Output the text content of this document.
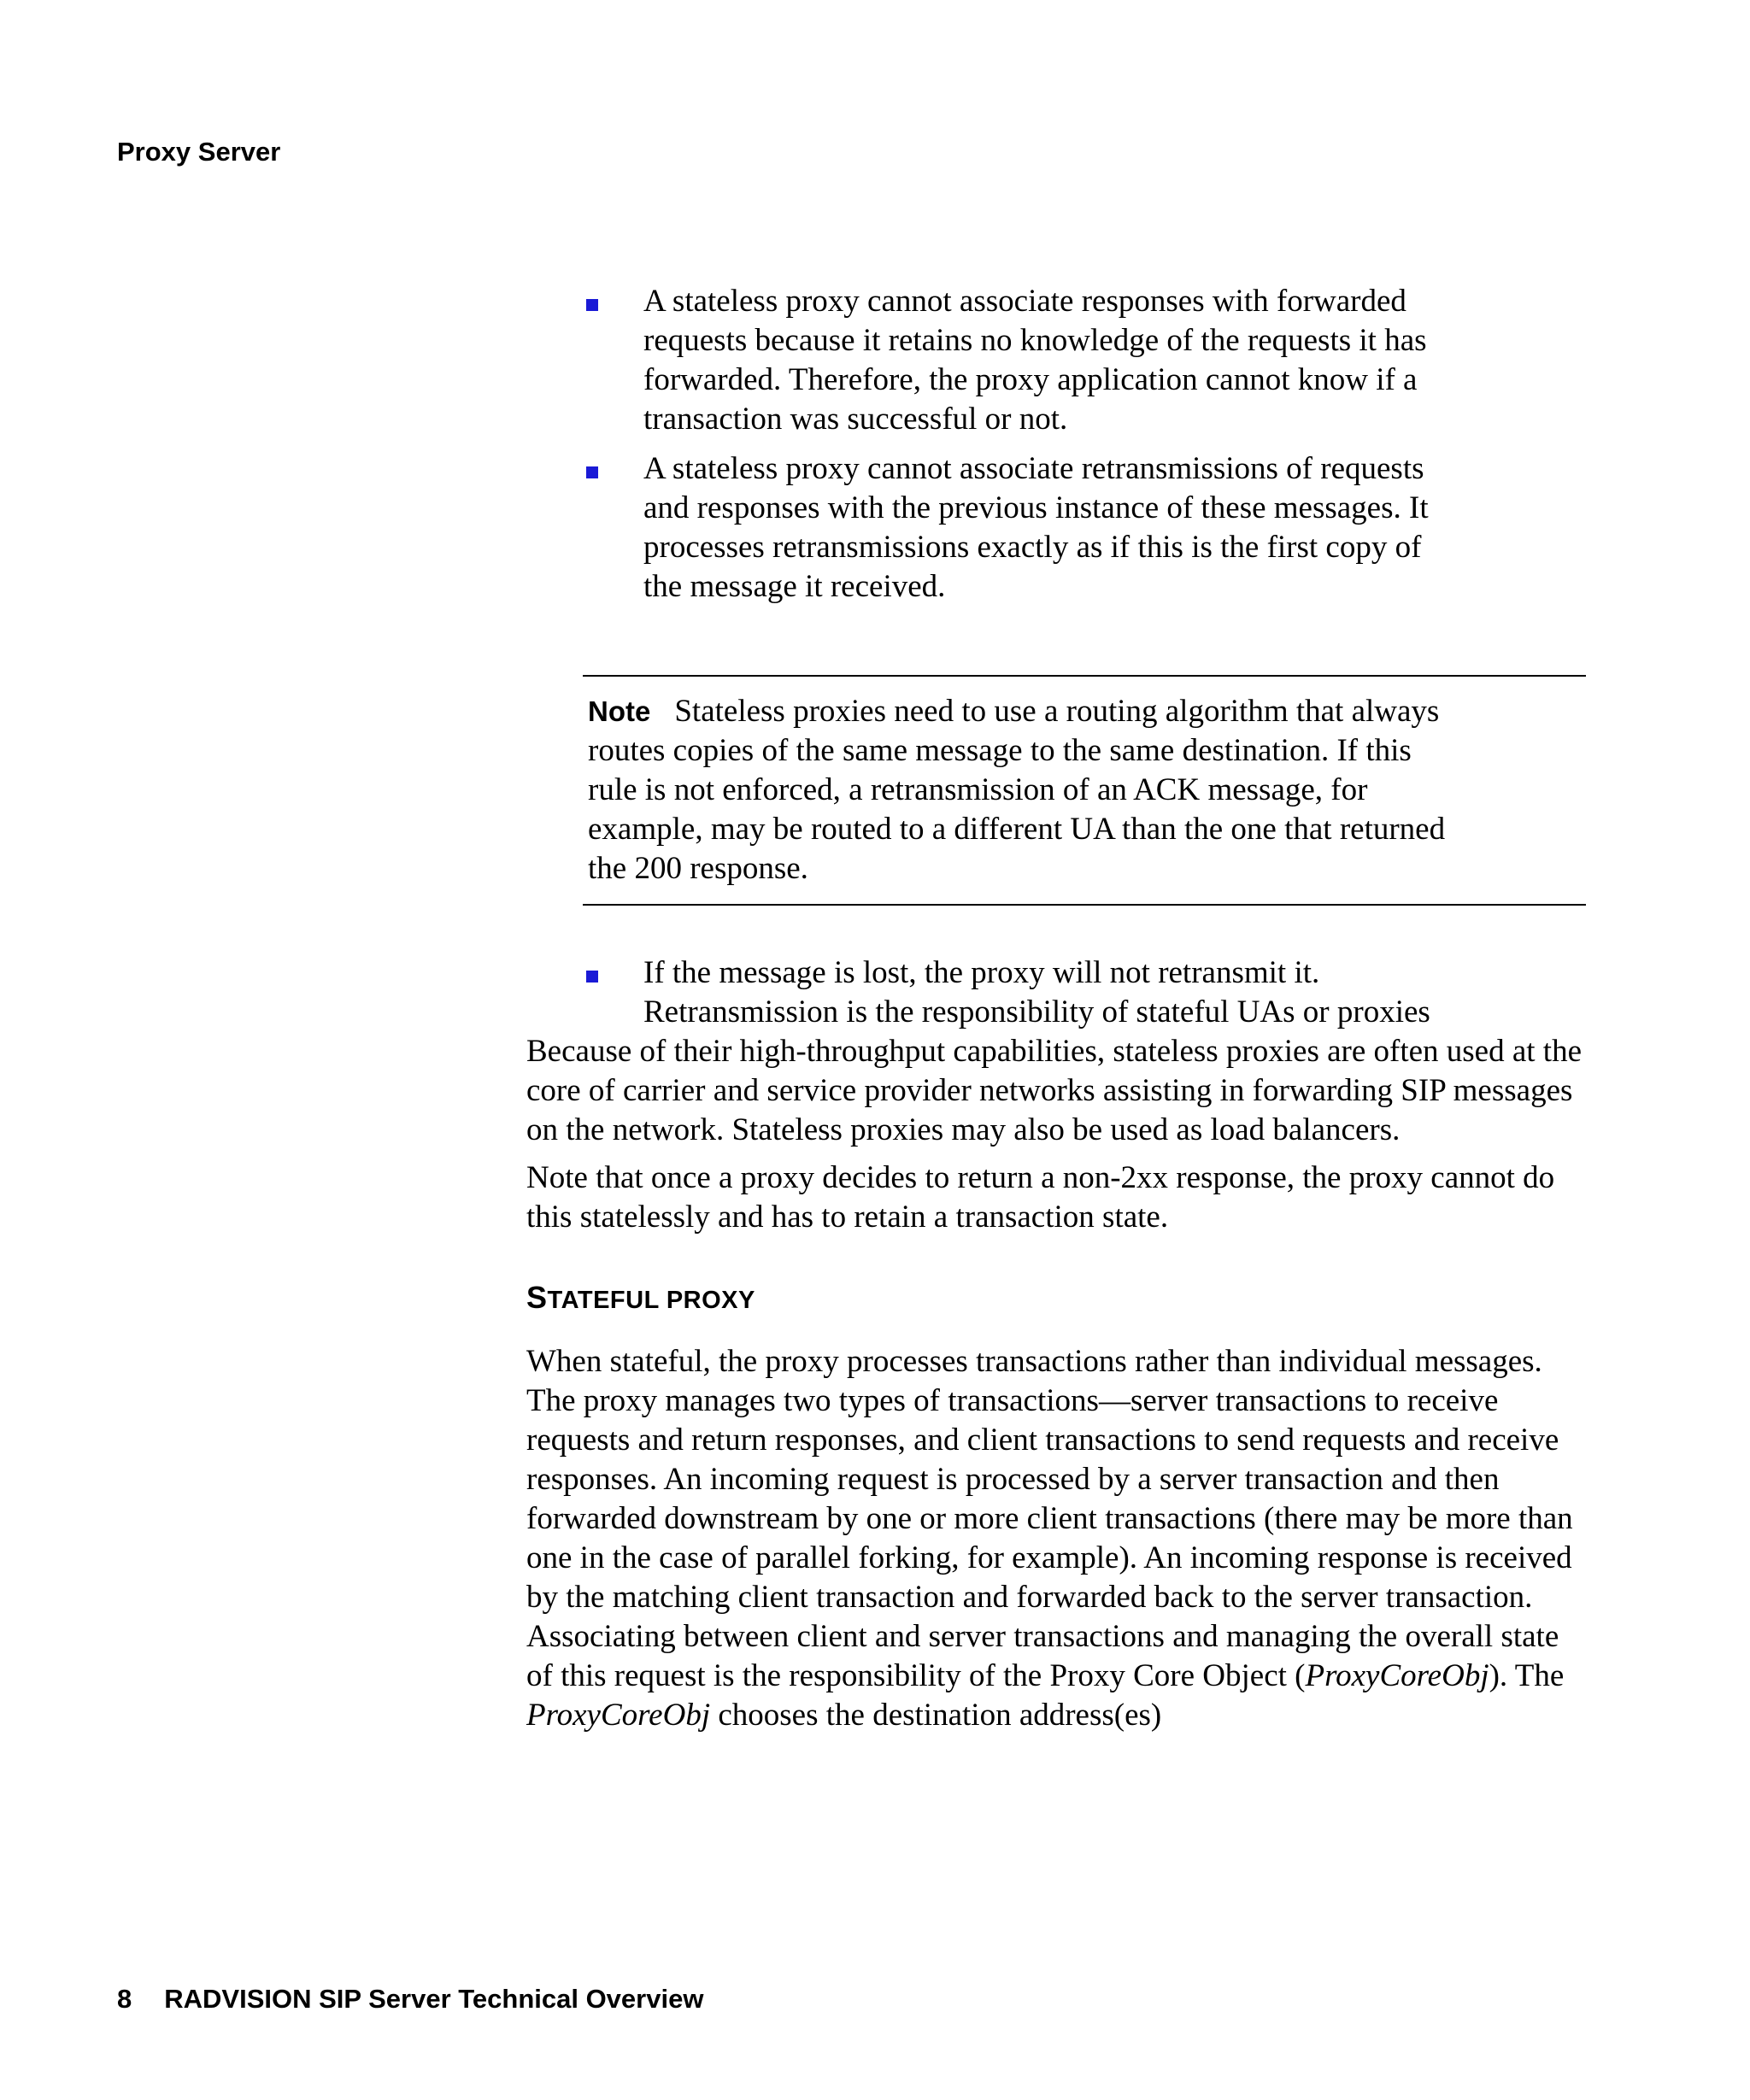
Proxy Server
A stateless proxy cannot associate responses with forwarded requests because it retains no knowledge of the requests it has forwarded. Therefore, the proxy application cannot know if a transaction was successful or not.
A stateless proxy cannot associate retransmissions of requests and responses with the previous instance of these messages. It processes retransmissions exactly as if this is the first copy of the message it received.
Note Stateless proxies need to use a routing algorithm that always routes copies of the same message to the same destination. If this rule is not enforced, a retransmission of an ACK message, for example, may be routed to a different UA than the one that returned the 200 response.
If the message is lost, the proxy will not retransmit it. Retransmission is the responsibility of stateful UAs or proxies

Because of their high-throughput capabilities, stateless proxies are often used at the core of carrier and service provider networks assisting in forwarding SIP messages on the network. Stateless proxies may also be used as load balancers.

Note that once a proxy decides to return a non-2xx response, the proxy cannot do this statelessly and has to retain a transaction state.

STATEFUL PROXY

When stateful, the proxy processes transactions rather than individual messages. The proxy manages two types of transactions—server transactions to receive requests and return responses, and client transactions to send requests and receive responses. An incoming request is processed by a server transaction and then forwarded downstream by one or more client transactions (there may be more than one in the case of parallel forking, for example). An incoming response is received by the matching client transaction and forwarded back to the server transaction. Associating between client and server transactions and managing the overall state of this request is the responsibility of the Proxy Core Object (ProxyCoreObj). The ProxyCoreObj chooses the destination address(es)

8 RADVISION SIP Server Technical Overview
